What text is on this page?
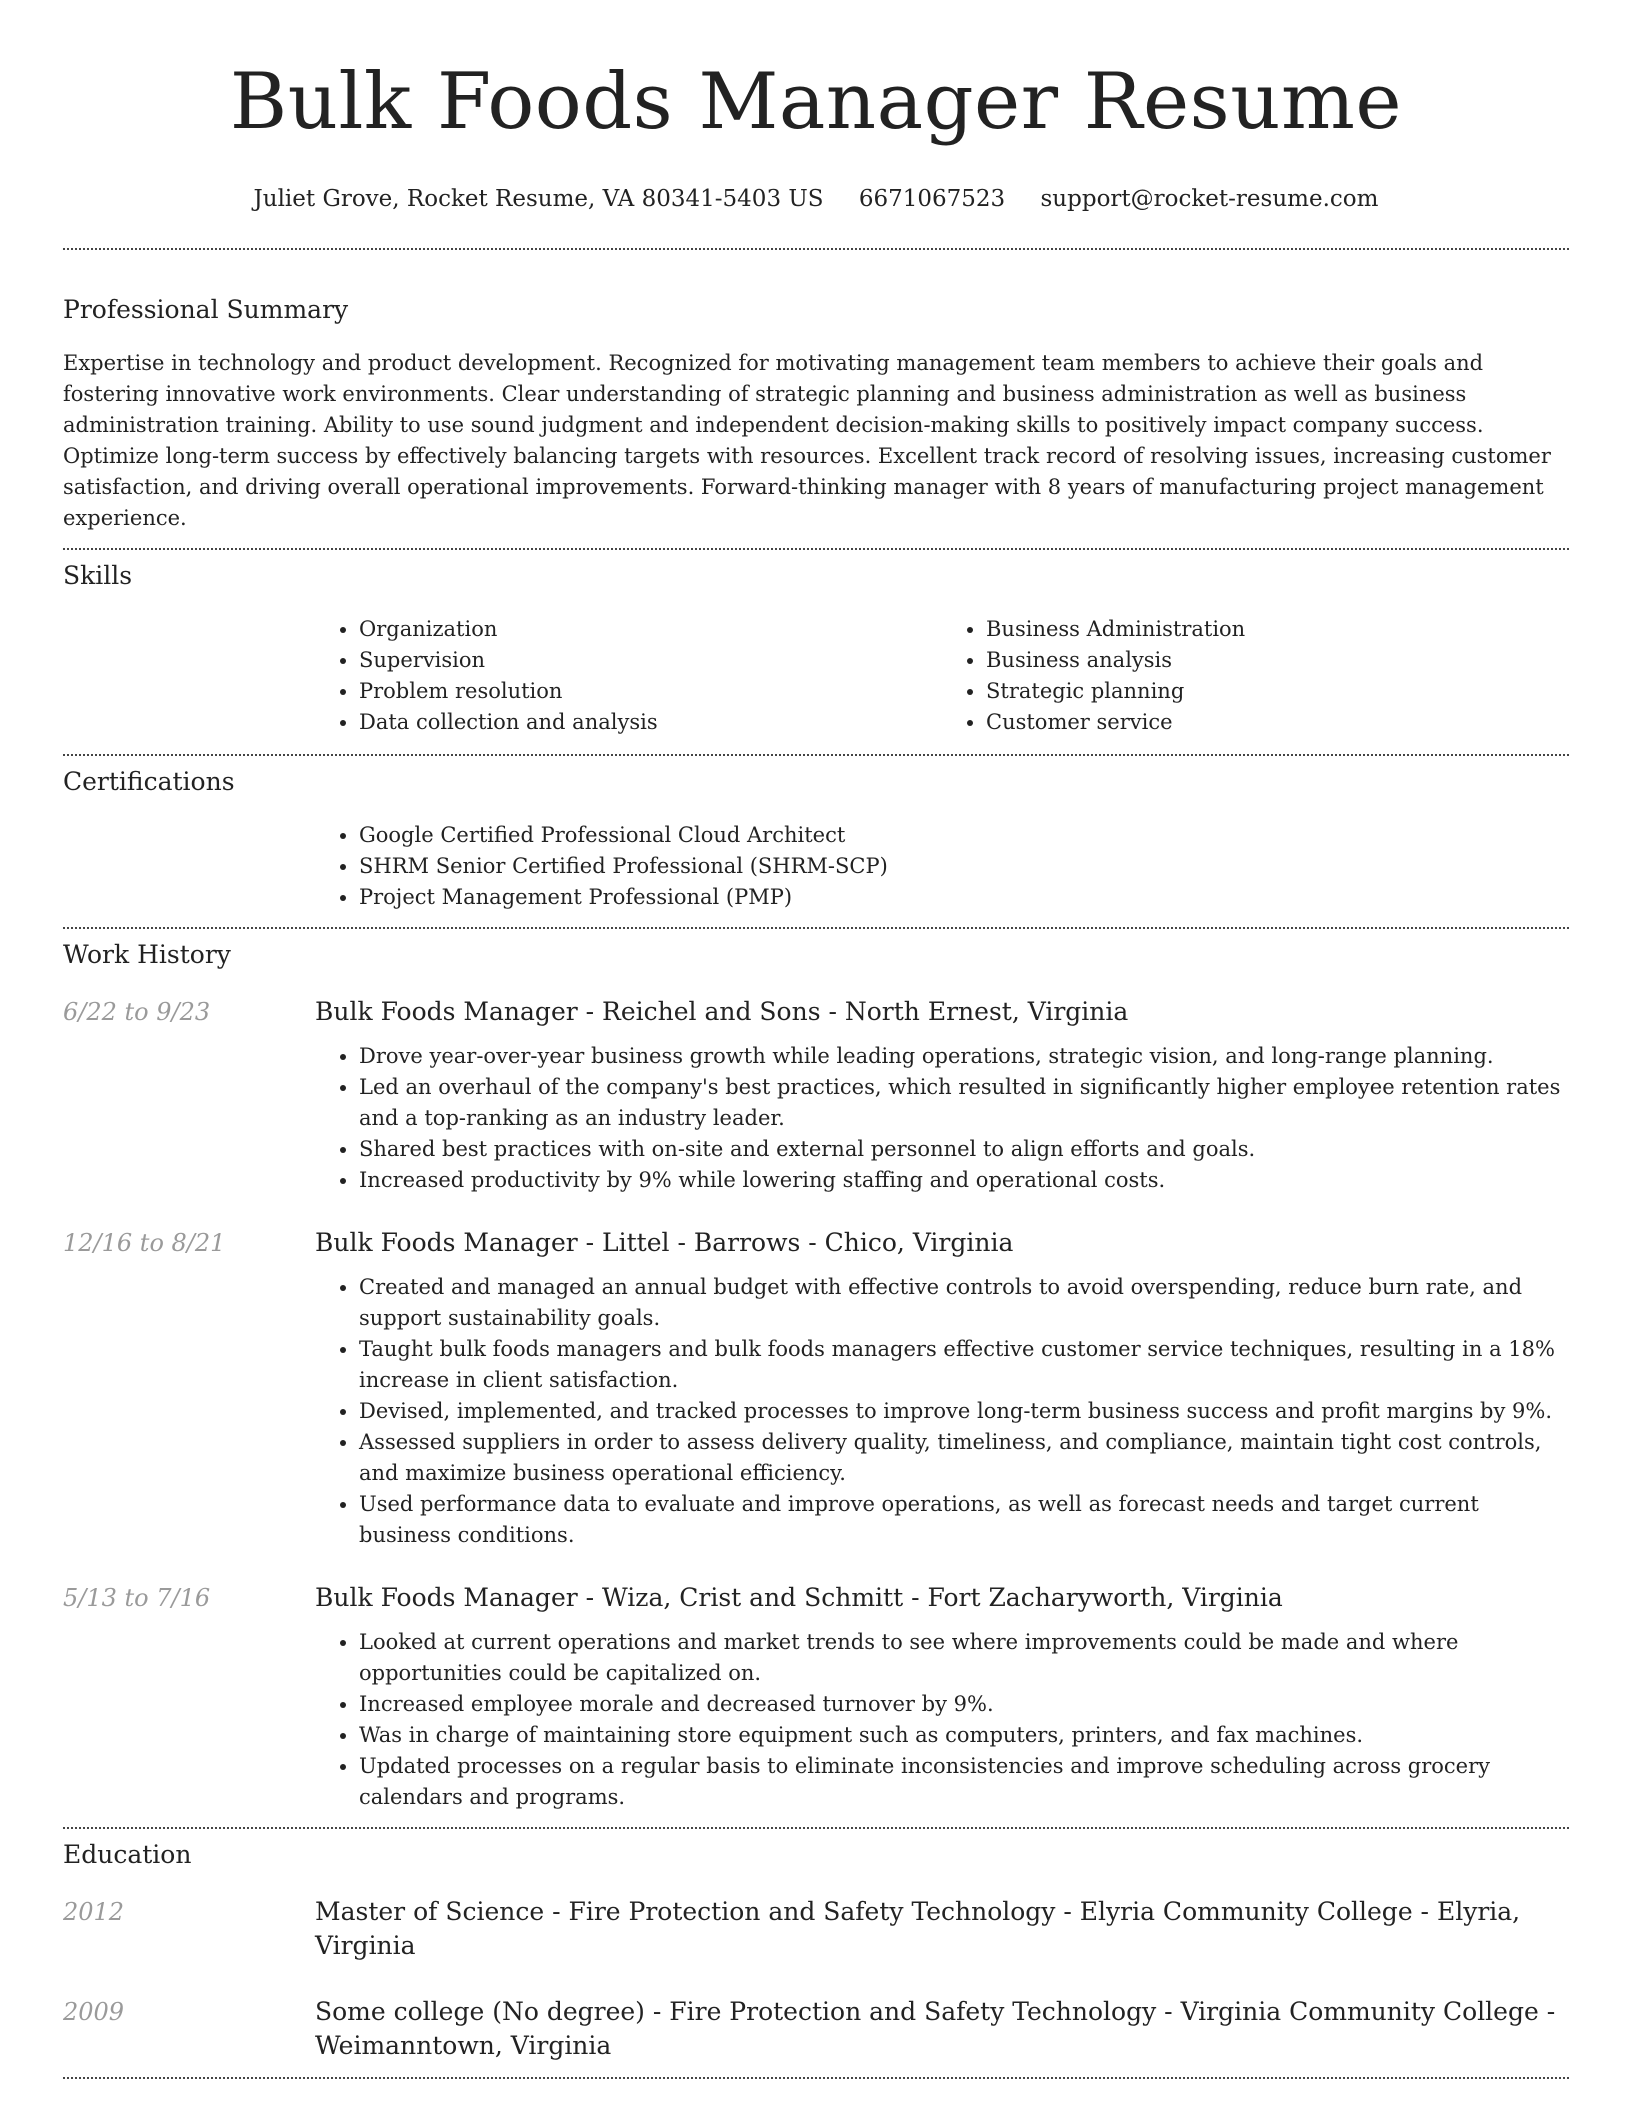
Bulk Foods Manager Resume
Juliet Grove, Rocket Resume, VA 80341-5403 US 6671067523 support@rocket-resume.com
Professional Summary

Expertise in technology and product development. Recognized for motivating management team members to achieve their goals and fostering innovative work environments. Clear understanding of strategic planning and business administration as well as business administration training. Ability to use sound judgment and independent decision-making skills to positively impact company success. Optimize long-term success by effectively balancing targets with resources. Excellent track record of resolving issues, increasing customer satisfaction, and driving overall operational improvements. Forward-thinking manager with 8 years of manufacturing project management experience.

Skills
• Organization
• Supervision
• Problem resolution
• Data collection and analysis
• Business Administration
• Business analysis
• Strategic planning
• Customer service
Certifications
• Google Certified Professional Cloud Architect
• SHRM Senior Certified Professional (SHRM-SCP)
• Project Management Professional (PMP)
Work History
6/22 to 9/23	Bulk Foods Manager - Reichel and Sons - North Ernest, Virginia
• Drove year-over-year business growth while leading operations, strategic vision, and long-range planning.
• Led an overhaul of the company's best practices, which resulted in significantly higher employee retention rates and a top-ranking as an industry leader.
• Shared best practices with on-site and external personnel to align efforts and goals.
• Increased productivity by 9% while lowering staffing and operational costs.
12/16 to 8/21	Bulk Foods Manager - Littel - Barrows - Chico, Virginia
• Created and managed an annual budget with effective controls to avoid overspending, reduce burn rate, and support sustainability goals.
• Taught bulk foods managers and bulk foods managers effective customer service techniques, resulting in a 18% increase in client satisfaction.
• Devised, implemented, and tracked processes to improve long-term business success and profit margins by 9%.
• Assessed suppliers in order to assess delivery quality, timeliness, and compliance, maintain tight cost controls, and maximize business operational efficiency.
• Used performance data to evaluate and improve operations, as well as forecast needs and target current business conditions.
5/13 to 7/16	Bulk Foods Manager - Wiza, Crist and Schmitt - Fort Zacharyworth, Virginia
• Looked at current operations and market trends to see where improvements could be made and where opportunities could be capitalized on.
• Increased employee morale and decreased turnover by 9%.
• Was in charge of maintaining store equipment such as computers, printers, and fax machines.
• Updated processes on a regular basis to eliminate inconsistencies and improve scheduling across grocery calendars and programs.
Education
2012	Master of Science - Fire Protection and Safety Technology - Elyria Community College - Elyria, Virginia
2009	Some college (No degree) - Fire Protection and Safety Technology - Virginia Community College - Weimanntown, Virginia
